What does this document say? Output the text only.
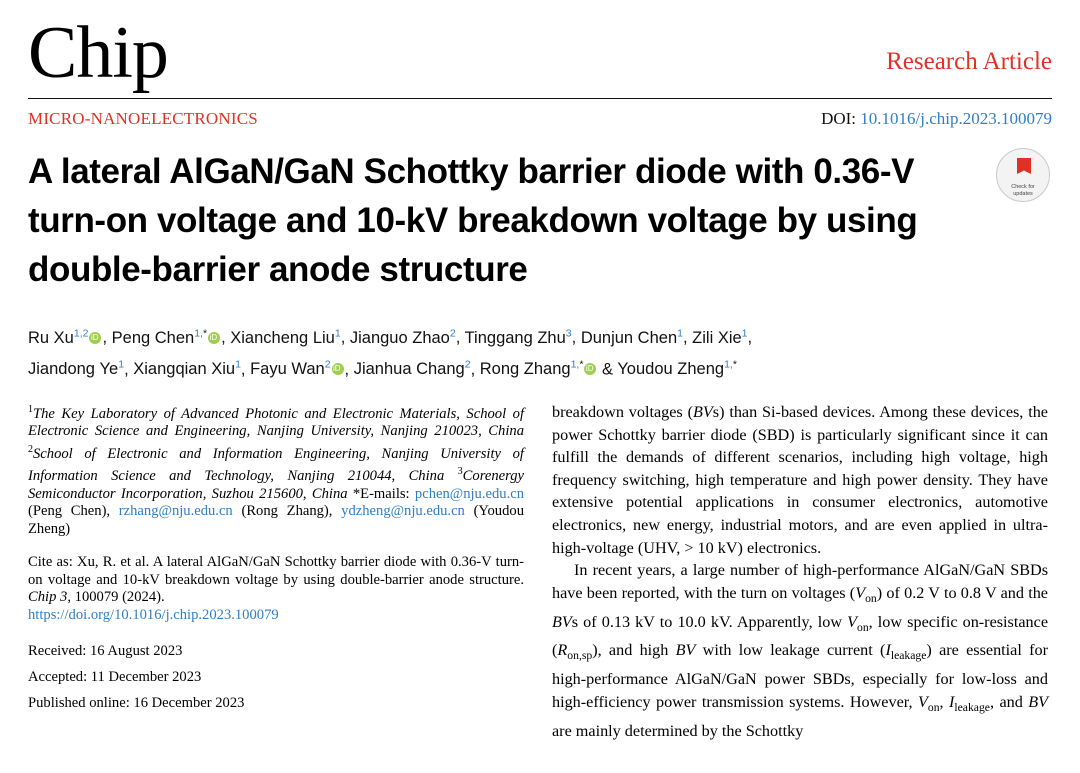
Chip	Research Article
MICRO-NANOELECTRONICS	DOI: 10.1016/j.chip.2023.100079
A lateral AlGaN/GaN Schottky barrier diode with 0.36-V turn-on voltage and 10-kV breakdown voltage by using double-barrier anode structure
Check for
updates
Ru Xu$^{1,2}$ iD , Peng Chen$^{1,*}$ iD , Xiancheng Liu$^1$, Jianguo Zhao$^2$, Tinggang Zhu$^3$, Dunjun Chen$^1$, Zili Xie$^1$,
Jiandong Ye$^1$, Xiangqian Xiu$^1$, Fayu Wan$^2$ iD , Jianhua Chang$^2$, Rong Zhang$^{1,*}$iD & Youdou Zheng$^{1,*}$
$^1$The Key Laboratory of Advanced Photonic and Electronic Materials, School of Electronic Science and Engineering, Nanjing University, Nanjing 210023, China $^2$School of Electronic and Information Engineering, Nanjing University of Information Science and Technology, Nanjing 210044, China $^3$Corenergy Semiconductor Incorporation, Suzhou 215600, China *E-mails: pchen@nju.edu.cn (Peng Chen), rzhang@nju.edu.cn (Rong Zhang), ydzheng@nju.edu.cn (Youdou Zheng)
Cite as: Xu, R. et al. A lateral AlGaN/GaN Schottky barrier diode with 0.36-V turn-on voltage and 10-kV breakdown voltage by using double-barrier anode structure. Chip 3, 100079 (2024).
https://doi.org/10.1016/j.chip.2023.100079
Received: 16 August 2023
Accepted: 11 December 2023
Published online: 16 December 2023

breakdown voltages (BVs) than Si-based devices. Among these devices, the power Schottky barrier diode (SBD) is particularly significant since it can fulfill the demands of different scenarios, including high voltage, high frequency switching, high temperature and high power density. They have extensive potential applications in consumer electronics, automotive electronics, new energy, industrial motors, and are even applied in ultra-high-voltage (UHV, > 10 kV) electronics.

In recent years, a large number of high-performance AlGaN/GaN SBDs have been reported, with the turn on voltages $(V_{on})$ of 0.2 V to 0.8 V and the BVs of 0.13 kV to 10.0 kV. Apparently, low $V_{on}$, low specific on-resistance $(R_{on,sp})$, and high BV with low leakage current $(I_{leakage})$ are essential for high-performance AlGaN/GaN power SBDs, especially for low-loss and high-efficiency power transmission systems. However, $V_{on}$, $I_{leakage}$, and BV are mainly determined by the Schottky
